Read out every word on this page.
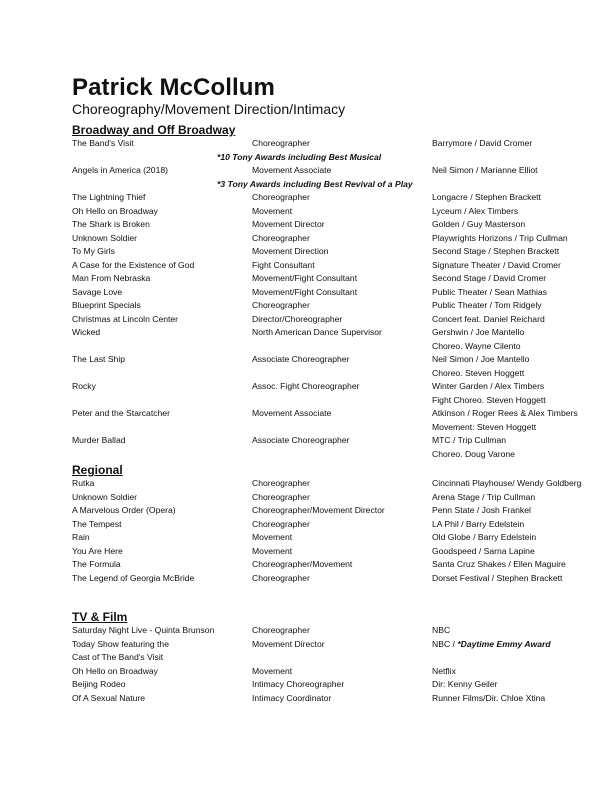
Patrick McCollum
Choreography/Movement Direction/Intimacy
Broadway and Off Broadway
The Band's Visit	Choreographer	Barrymore / David Cromer
*10 Tony Awards including Best Musical
Angels in America (2018)	Movement Associate	Neil Simon / Marianne Elliot
*3 Tony Awards including Best Revival of a Play
The Lightning Thief	Choreographer	Longacre / Stephen Brackett
Oh Hello on Broadway	Movement	Lyceum / Alex Timbers
The Shark is Broken	Movement Director	Golden / Guy Masterson
Unknown Soldier	Choreographer	Playwrights Horizons / Trip Cullman
To My Girls	Movement Direction	Second Stage / Stephen Brackett
A Case for the Existence of God	Fight Consultant	Signature Theater / David Cromer
Man From Nebraska	Movement/Fight Consultant	Second Stage / David Cromer
Savage Love	Movement/Fight Consultant	Public Theater / Sean Mathias
Blueprint Specials	Choreographer	Public Theater / Tom Ridgely
Christmas at Lincoln Center	Director/Choreographer	Concert feat. Daniel Reichard
Wicked	North American Dance Supervisor	Gershwin / Joe Mantello
Choreo. Wayne Cilento
The Last Ship	Associate Choreographer	Neil Simon / Joe Mantello
Choreo. Steven Hoggett
Rocky	Assoc. Fight Choreographer	Winter Garden / Alex Timbers
Fight Choreo. Steven Hoggett
Peter and the Starcatcher	Movement Associate	Atkinson / Roger Rees & Alex Timbers
Movement: Steven Hoggett
Murder Ballad	Associate Choreographer	MTC / Trip Cullman
Choreo. Doug Varone
Regional
Rutka	Choreographer	Cincinnati Playhouse/ Wendy Goldberg
Unknown Soldier	Choreographer	Arena Stage / Trip Cullman
A Marvelous Order (Opera)	Choreographer/Movement Director	Penn State / Josh Frankel
The Tempest	Choreographer	LA Phil / Barry Edelstein
Rain	Movement	Old Globe / Barry Edelstein
You Are Here	Movement	Goodspeed / Sarna Lapine
The Formula	Choreographer/Movement	Santa Cruz Shakes / Ellen Maguire
The Legend of Georgia McBride	Choreographer	Dorset Festival / Stephen Brackett
TV & Film
Saturday Night Live - Quinta Brunson	Choreographer	NBC
Today Show featuring the	Movement Director	NBC / *Daytime Emmy Award
Cast of The Band's Visit
Oh Hello on Broadway	Movement	Netflix
Beijing Rodeo	Intimacy Choreographer	Dir: Kenny Geiler
Of A Sexual Nature	Intimacy Coordinator	Runner Films/Dir. Chloe Xtina
